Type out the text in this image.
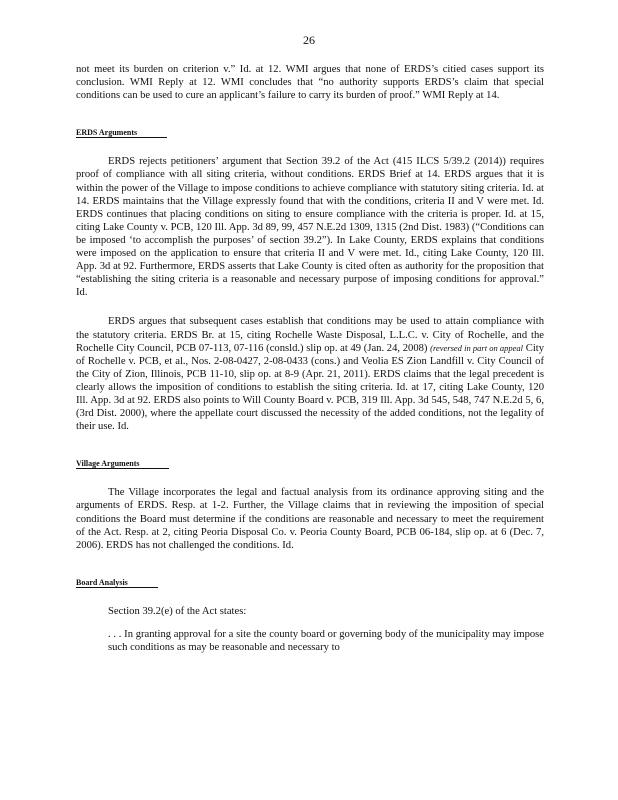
26

not meet its burden on criterion v.” Id. at 12. WMI argues that none of ERDS’s citied cases support its conclusion. WMI Reply at 12. WMI concludes that “no authority supports ERDS’s claim that special conditions can be used to cure an applicant’s failure to carry its burden of proof.” WMI Reply at 14.

ERDS Arguments

ERDS rejects petitioners’ argument that Section 39.2 of the Act (415 ILCS 5/39.2 (2014)) requires proof of compliance with all siting criteria, without conditions. ERDS Brief at 14. ERDS argues that it is within the power of the Village to impose conditions to achieve compliance with statutory siting criteria. Id. at 14. ERDS maintains that the Village expressly found that with the conditions, criteria II and V were met. Id. ERDS continues that placing conditions on siting to ensure compliance with the criteria is proper. Id. at 15, citing Lake County v. PCB, 120 Ill. App. 3d 89, 99, 457 N.E.2d 1309, 1315 (2nd Dist. 1983) (“Conditions can be imposed ‘to accomplish the purposes’ of section 39.2”). In Lake County, ERDS explains that conditions were imposed on the application to ensure that criteria II and V were met. Id., citing Lake County, 120 Ill. App. 3d at 92. Furthermore, ERDS asserts that Lake County is cited often as authority for the proposition that “establishing the siting criteria is a reasonable and necessary purpose of imposing conditions for approval.” Id.

ERDS argues that subsequent cases establish that conditions may be used to attain compliance with the statutory criteria. ERDS Br. at 15, citing Rochelle Waste Disposal, L.L.C. v. City of Rochelle, and the Rochelle City Council, PCB 07-113, 07-116 (consld.) slip op. at 49 (Jan. 24, 2008) (reversed in part on appeal City of Rochelle v. PCB, et al., Nos. 2-08-0427, 2-08-0433 (cons.) and Veolia ES Zion Landfill v. City Council of the City of Zion, Illinois, PCB 11-10, slip op. at 8-9 (Apr. 21, 2011). ERDS claims that the legal precedent is clearly allows the imposition of conditions to establish the siting criteria. Id. at 17, citing Lake County, 120 Ill. App. 3d at 92. ERDS also points to Will County Board v. PCB, 319 Ill. App. 3d 545, 548, 747 N.E.2d 5, 6, (3rd Dist. 2000), where the appellate court discussed the necessity of the added conditions, not the legality of their use. Id.

Village Arguments

The Village incorporates the legal and factual analysis from its ordinance approving siting and the arguments of ERDS. Resp. at 1-2. Further, the Village claims that in reviewing the imposition of special conditions the Board must determine if the conditions are reasonable and necessary to meet the requirement of the Act. Resp. at 2, citing Peoria Disposal Co. v. Peoria County Board, PCB 06-184, slip op. at 6 (Dec. 7, 2006). ERDS has not challenged the conditions. Id.

Board Analysis

Section 39.2(e) of the Act states:

. . . In granting approval for a site the county board or governing body of the municipality may impose such conditions as may be reasonable and necessary to
